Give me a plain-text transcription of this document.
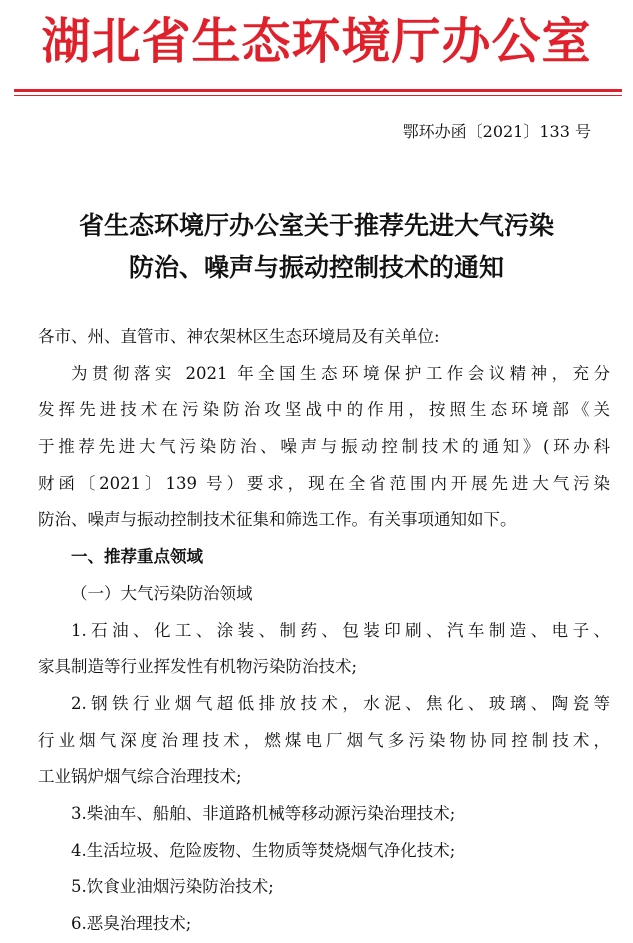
湖北省生态环境厅办公室
鄂环办函〔2021〕133 号
省生态环境厅办公室关于推荐先进大气污染
防治、噪声与振动控制技术的通知
各市、州、直管市、神农架林区生态环境局及有关单位:
为贯彻落实 2021 年全国生态环境保护工作会议精神，充分
发挥先进技术在污染防治攻坚战中的作用，按照生态环境部《关
于推荐先进大气污染防治、噪声与振动控制技术的通知》(环办科
财函〔2021〕139 号）要求，现在全省范围内开展先进大气污染
防治、噪声与振动控制技术征集和筛选工作。有关事项通知如下。
一、推荐重点领域
（一）大气污染防治领域
1.石油、化工、涂装、制药、包装印刷、汽车制造、电子、
家具制造等行业挥发性有机物污染防治技术;
2.钢铁行业烟气超低排放技术，水泥、焦化、玻璃、陶瓷等
行业烟气深度治理技术，燃煤电厂烟气多污染物协同控制技术，
工业锅炉烟气综合治理技术;
3.柴油车、船舶、非道路机械等移动源污染治理技术;
4.生活垃圾、危险废物、生物质等焚烧烟气净化技术;
5.饮食业油烟污染防治技术;
6.恶臭治理技术;
